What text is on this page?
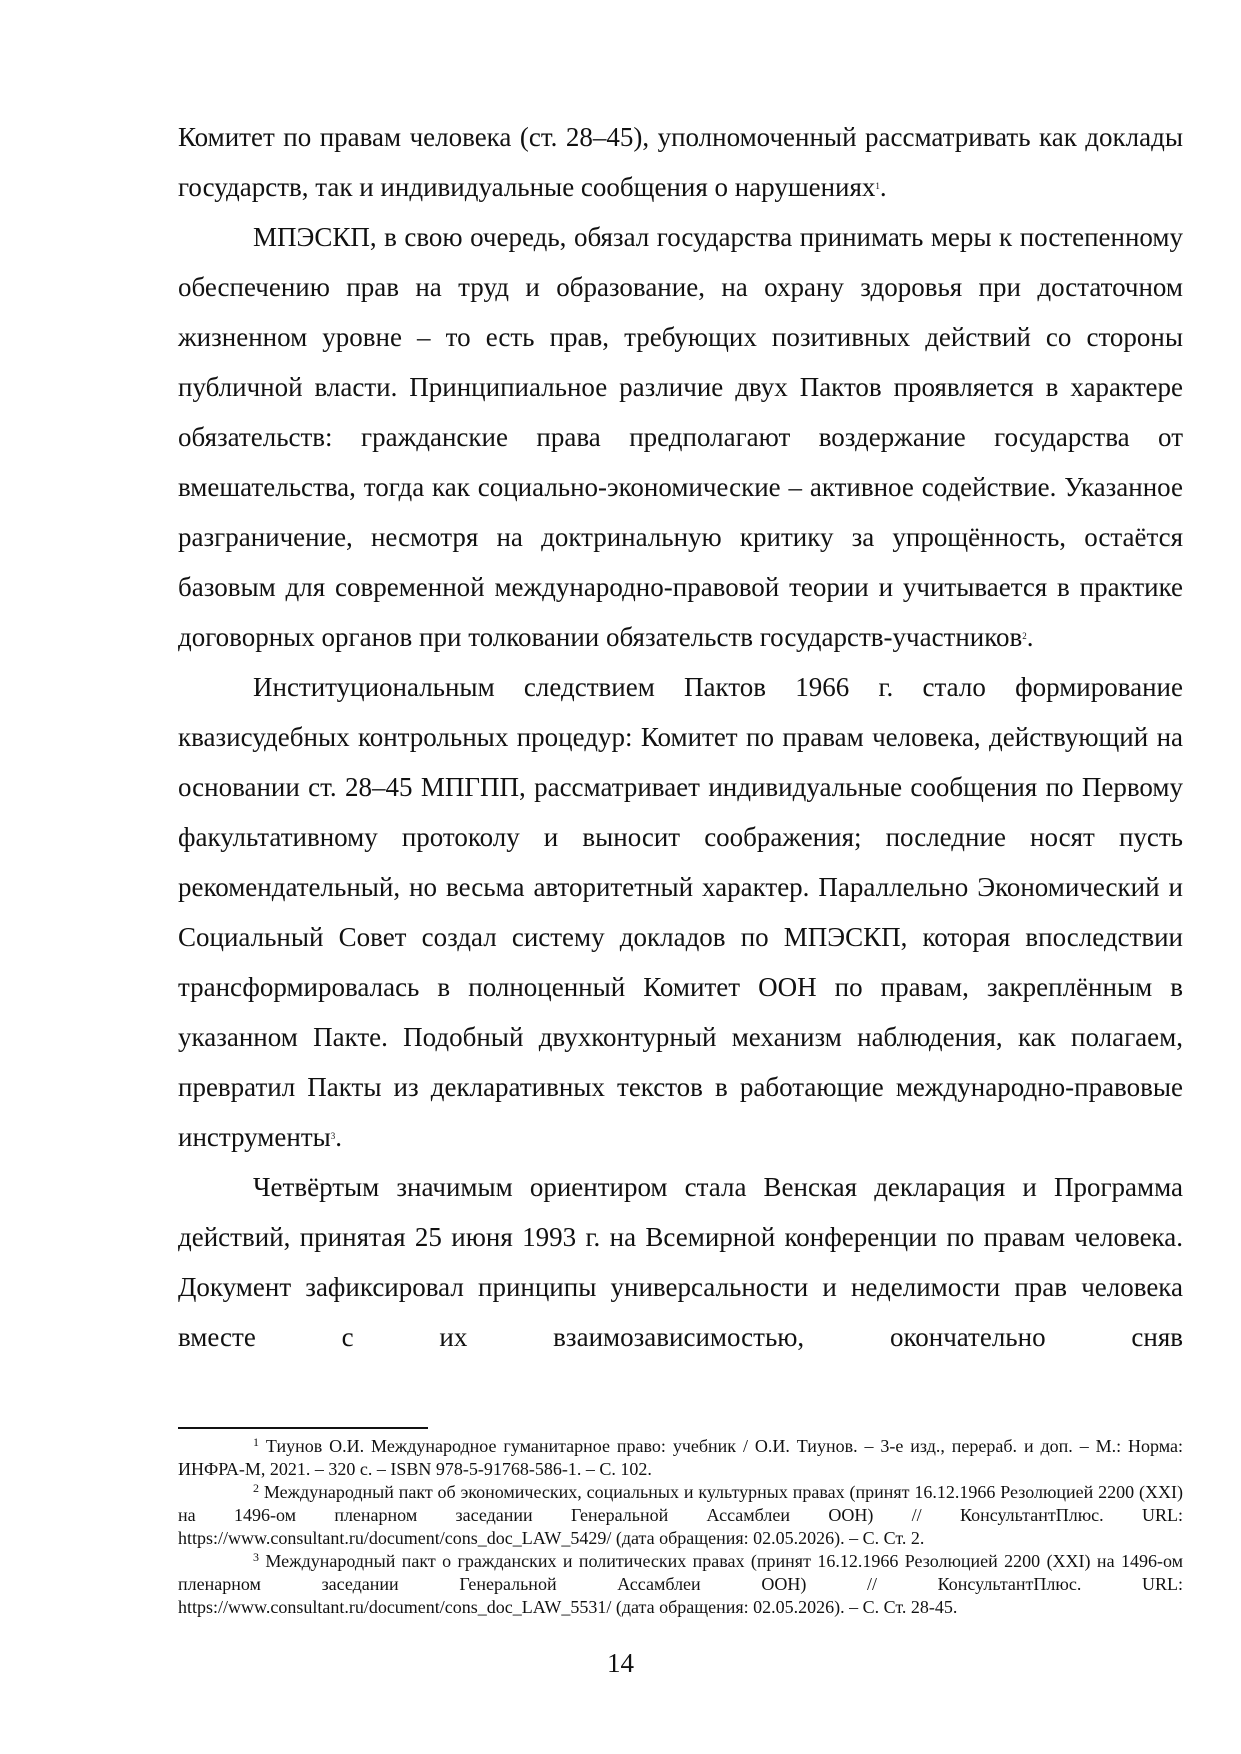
Комитет по правам человека (ст. 28–45), уполномоченный рассматривать как доклады государств, так и индивидуальные сообщения о нарушениях$^1$.

МПЭСКП, в свою очередь, обязал государства принимать меры к постепенному обеспечению прав на труд и образование, на охрану здоровья при достаточном жизненном уровне – то есть прав, требующих позитивных действий со стороны публичной власти. Принципиальное различие двух Пактов проявляется в характере обязательств: гражданские права предполагают воздержание государства от вмешательства, тогда как социально-экономические – активное содействие. Указанное разграничение, несмотря на доктринальную критику за упрощённость, остаётся базовым для современной международно-правовой теории и учитывается в практике договорных органов при толковании обязательств государств-участников$^2$.

Институциональным следствием Пактов 1966 г. стало формирование квазисудебных контрольных процедур: Комитет по правам человека, действующий на основании ст. 28–45 МПГПП, рассматривает индивидуальные сообщения по Первому факультативному протоколу и выносит соображения; последние носят пусть рекомендательный, но весьма авторитетный характер. Параллельно Экономический и Социальный Совет создал систему докладов по МПЭСКП, которая впоследствии трансформировалась в полноценный Комитет ООН по правам, закреплённым в указанном Пакте. Подобный двухконтурный механизм наблюдения, как полагаем, превратил Пакты из декларативных текстов в работающие международно-правовые инструменты$^3$.

Четвёртым значимым ориентиром стала Венская декларация и Программа действий, принятая 25 июня 1993 г. на Всемирной конференции по правам человека. Документ зафиксировал принципы универсальности и неделимости прав человека вместе с их взаимозависимостью, окончательно сняв

$^1$ Тиунов О.И. Международное гуманитарное право: учебник / О.И. Тиунов. – 3-е изд., перераб. и доп. – М.: Норма: ИНФРА-М, 2021. – 320 с. – ISBN 978-5-91768-586-1. – С. 102.

$^2$ Международный пакт об экономических, социальных и культурных правах (принят 16.12.1966 Резолюцией 2200 (XXI) на 1496-ом пленарном заседании Генеральной Ассамблеи ООН) // КонсультантПлюс. URL: https://www.consultant.ru/document/cons_doc_LAW_5429/ (дата обращения: 02.05.2026). – С. Ст. 2.

$^3$ Международный пакт о гражданских и политических правах (принят 16.12.1966 Резолюцией 2200 (XXI) на 1496-ом пленарном заседании Генеральной Ассамблеи ООН) // КонсультантПлюс. URL: https://www.consultant.ru/document/cons_doc_LAW_5531/ (дата обращения: 02.05.2026). – С. Ст. 28-45.

14
